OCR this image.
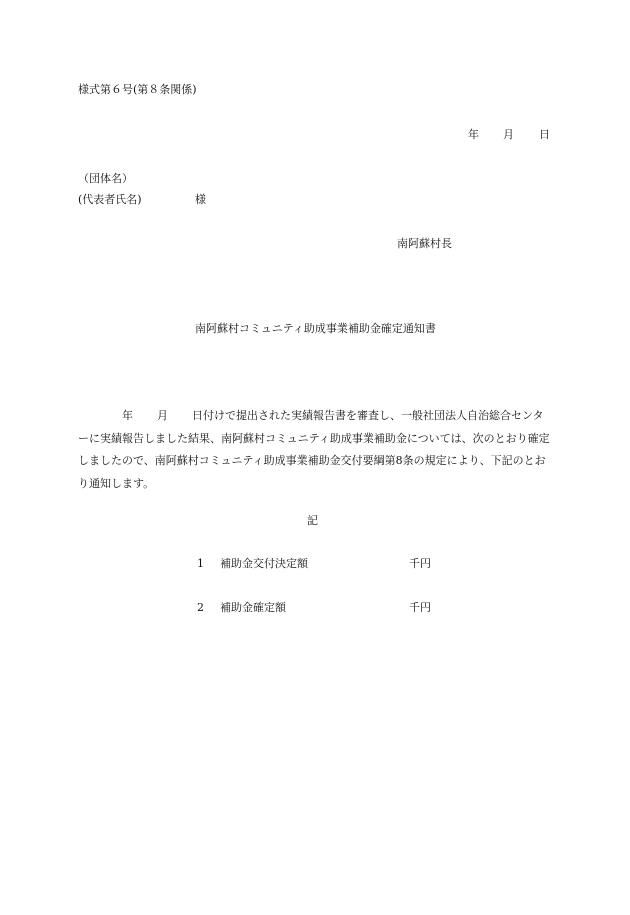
様式第６号(第８条関係)
年 月 日
（団体名）
(代表者氏名)	様
南阿蘇村長
南阿蘇村コミュニティ助成事業補助金確定通知書
年 月 日付けで提出された実績報告書を審査し、一般社団法人自治総合センターに実績報告しました結果、南阿蘇村コミュニティ助成事業補助金については、次のとおり確定しましたので、南阿蘇村コミュニティ助成事業補助金交付要綱第8条の規定により、下記のとおり通知します。
記
1 補助金交付決定額	千円
2 補助金確定額	千円
